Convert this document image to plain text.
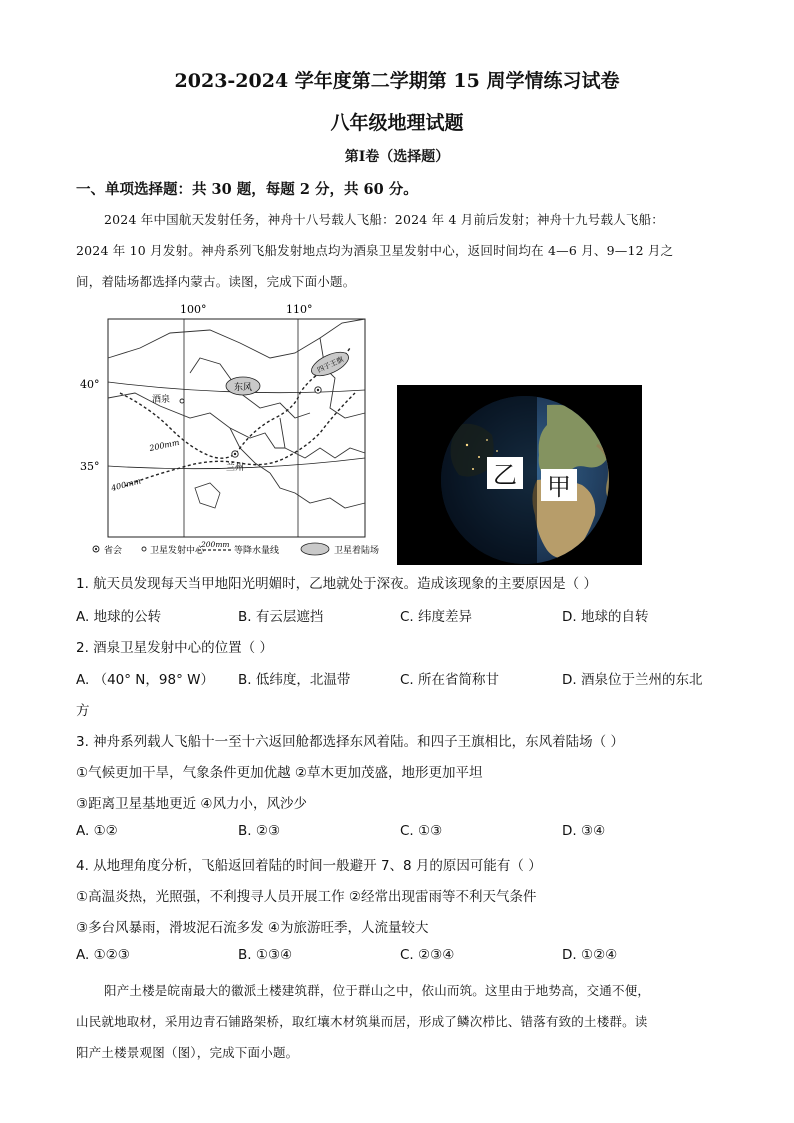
2023-2024 学年度第二学期第 15 周学情练习试卷
八年级地理试题
第Ⅰ卷（选择题）
一、单项选择题：共 30 题，每题 2 分，共 60 分。
2024 年中国航天发射任务，神舟十八号载人飞船：2024 年 4 月前后发射；神舟十九号载人飞船：
2024 年 10 月发射。神舟系列飞船发射地点均为酒泉卫星发射中心，返回时间均在 4—6 月、9—12 月之
间，着陆场都选择内蒙古。读图，完成下面小题。
东风
四子王旗
酒泉
兰州
200mm
400mm
100°	110°
40°
35°
省会	卫星发射中心
200mm
等降水量线	卫星着陆场
乙 甲
1. 航天员发现每天当甲地阳光明媚时，乙地就处于深夜。造成该现象的主要原因是（ ）
A. 地球的公转	B. 有云层遮挡	C. 纬度差异	D. 地球的自转
2. 酒泉卫星发射中心的位置（ ）
A. （40° N，98° W） B. 低纬度，北温带	C. 所在省简称甘	D. 酒泉位于兰州的东北
方
3. 神舟系列载人飞船十一至十六返回舱都选择东风着陆。和四子王旗相比，东风着陆场（ ）
①气候更加干旱，气象条件更加优越 ②草木更加茂盛，地形更加平坦
③距离卫星基地更近 ④风力小，风沙少
A. ①②	B. ②③	C. ①③	D. ③④
4. 从地理角度分析，飞船返回着陆的时间一般避开 7、8 月的原因可能有（ ）
①高温炎热，光照强，不利搜寻人员开展工作 ②经常出现雷雨等不利天气条件
③多台风暴雨，滑坡泥石流多发 ④为旅游旺季，人流量较大
A. ①②③	B. ①③④	C. ②③④	D. ①②④
阳产土楼是皖南最大的徽派土楼建筑群，位于群山之中，依山而筑。这里由于地势高，交通不便，
山民就地取材，采用边青石铺路架桥，取红壤木材筑巢而居，形成了鳞次栉比、错落有致的土楼群。读
阳产土楼景观图（图），完成下面小题。
